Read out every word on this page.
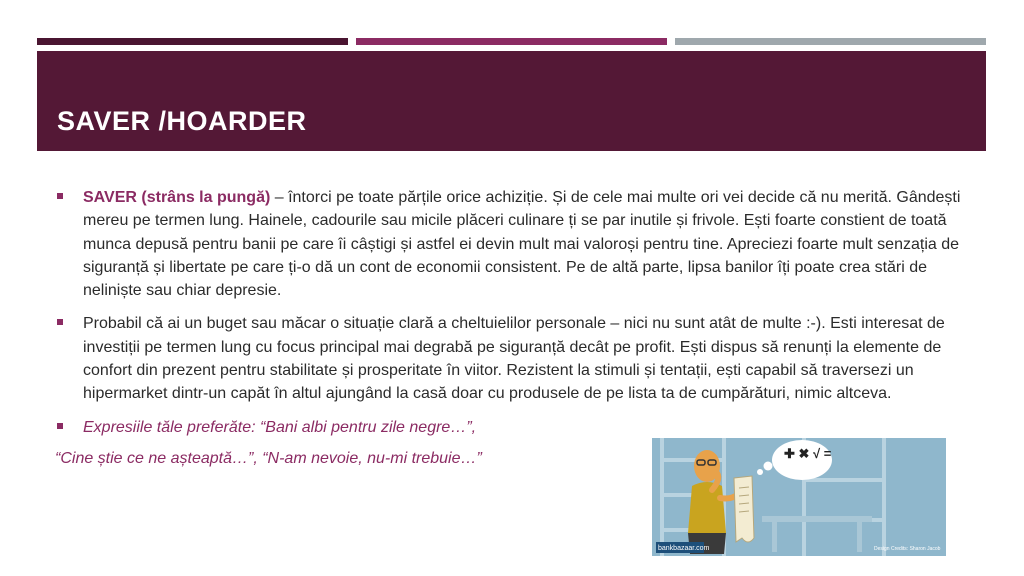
SAVER /HOARDER
SAVER (strâns la pungă) – întorci pe toate părțile orice achiziție. Și de cele mai multe ori vei decide că nu merită. Gândești mereu pe termen lung. Hainele, cadourile sau micile plăceri culinare ți se par inutile și frivole. Ești foarte constient de toată munca depusă pentru banii pe care îi câștigi și astfel ei devin mult mai valoroși pentru tine. Apreciezi foarte mult senzația de siguranță și libertate pe care ți-o dă un cont de economii consistent. Pe de altă parte, lipsa banilor îți poate crea stări de neliniște sau chiar depresie.
Probabil că ai un buget sau măcar o situație clară a cheltuielilor personale – nici nu sunt atât de multe :-). Esti interesat de investiții pe termen lung cu focus principal mai degrabă pe siguranță decât pe profit. Ești dispus să renunți la elemente de confort din prezent pentru stabilitate și prosperitate în viitor. Rezistent la stimuli și tentații, ești capabil să traversezi un hipermarket dintr-un capăt în altul ajungând la casă doar cu produsele de pe lista ta de cumpărături, nimic altceva.
Expresiile tăle preferăte: “Bani albi pentru zile negre…”,
“Cine știe ce ne așteaptă…”, “N-am nevoie, nu-mi trebuie…”	✚ ✖ √ =
bankbazaar.com	Design Credits: Sharon Jacob
